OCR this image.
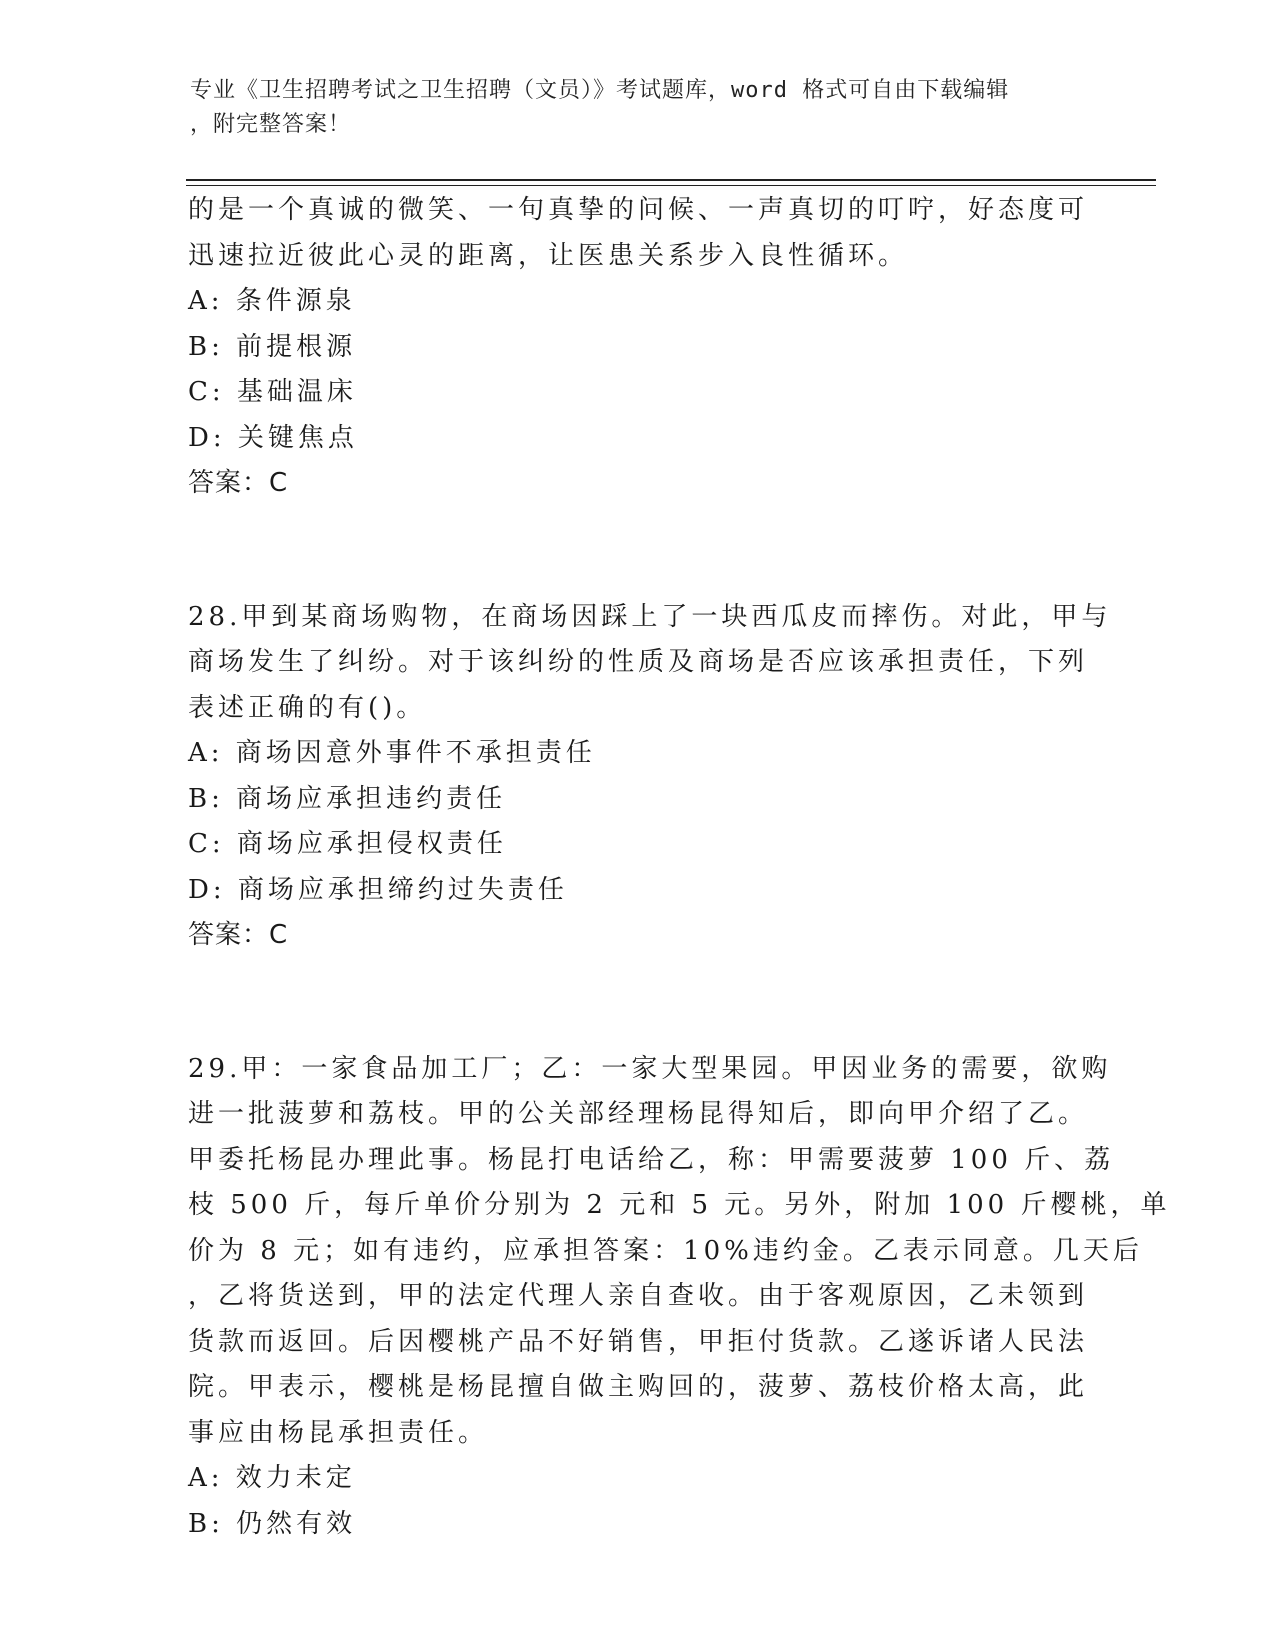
专业《卫生招聘考试之卫生招聘（文员）》考试题库，word 格式可自由下载编辑
，附完整答案！
的是一个真诚的微笑、一句真挚的问候、一声真切的叮咛，好态度可
迅速拉近彼此心灵的距离，让医患关系步入良性循环。
A: 条件源泉
B: 前提根源
C: 基础温床
D: 关键焦点
答案：C
28.甲到某商场购物，在商场因踩上了一块西瓜皮而摔伤。对此，甲与
商场发生了纠纷。对于该纠纷的性质及商场是否应该承担责任，下列
表述正确的有()。
A: 商场因意外事件不承担责任
B: 商场应承担违约责任
C: 商场应承担侵权责任
D: 商场应承担缔约过失责任
答案：C
29.甲：一家食品加工厂；乙：一家大型果园。甲因业务的需要，欲购
进一批菠萝和荔枝。甲的公关部经理杨昆得知后，即向甲介绍了乙。
甲委托杨昆办理此事。杨昆打电话给乙，称：甲需要菠萝 100 斤、荔
枝 500 斤，每斤单价分别为 2 元和 5 元。另外，附加 100 斤樱桃，单
价为 8 元；如有违约，应承担答案：10%违约金。乙表示同意。几天后
，乙将货送到，甲的法定代理人亲自查收。由于客观原因，乙未领到
货款而返回。后因樱桃产品不好销售，甲拒付货款。乙遂诉诸人民法
院。甲表示，樱桃是杨昆擅自做主购回的，菠萝、荔枝价格太高，此
事应由杨昆承担责任。
A: 效力未定
B: 仍然有效
